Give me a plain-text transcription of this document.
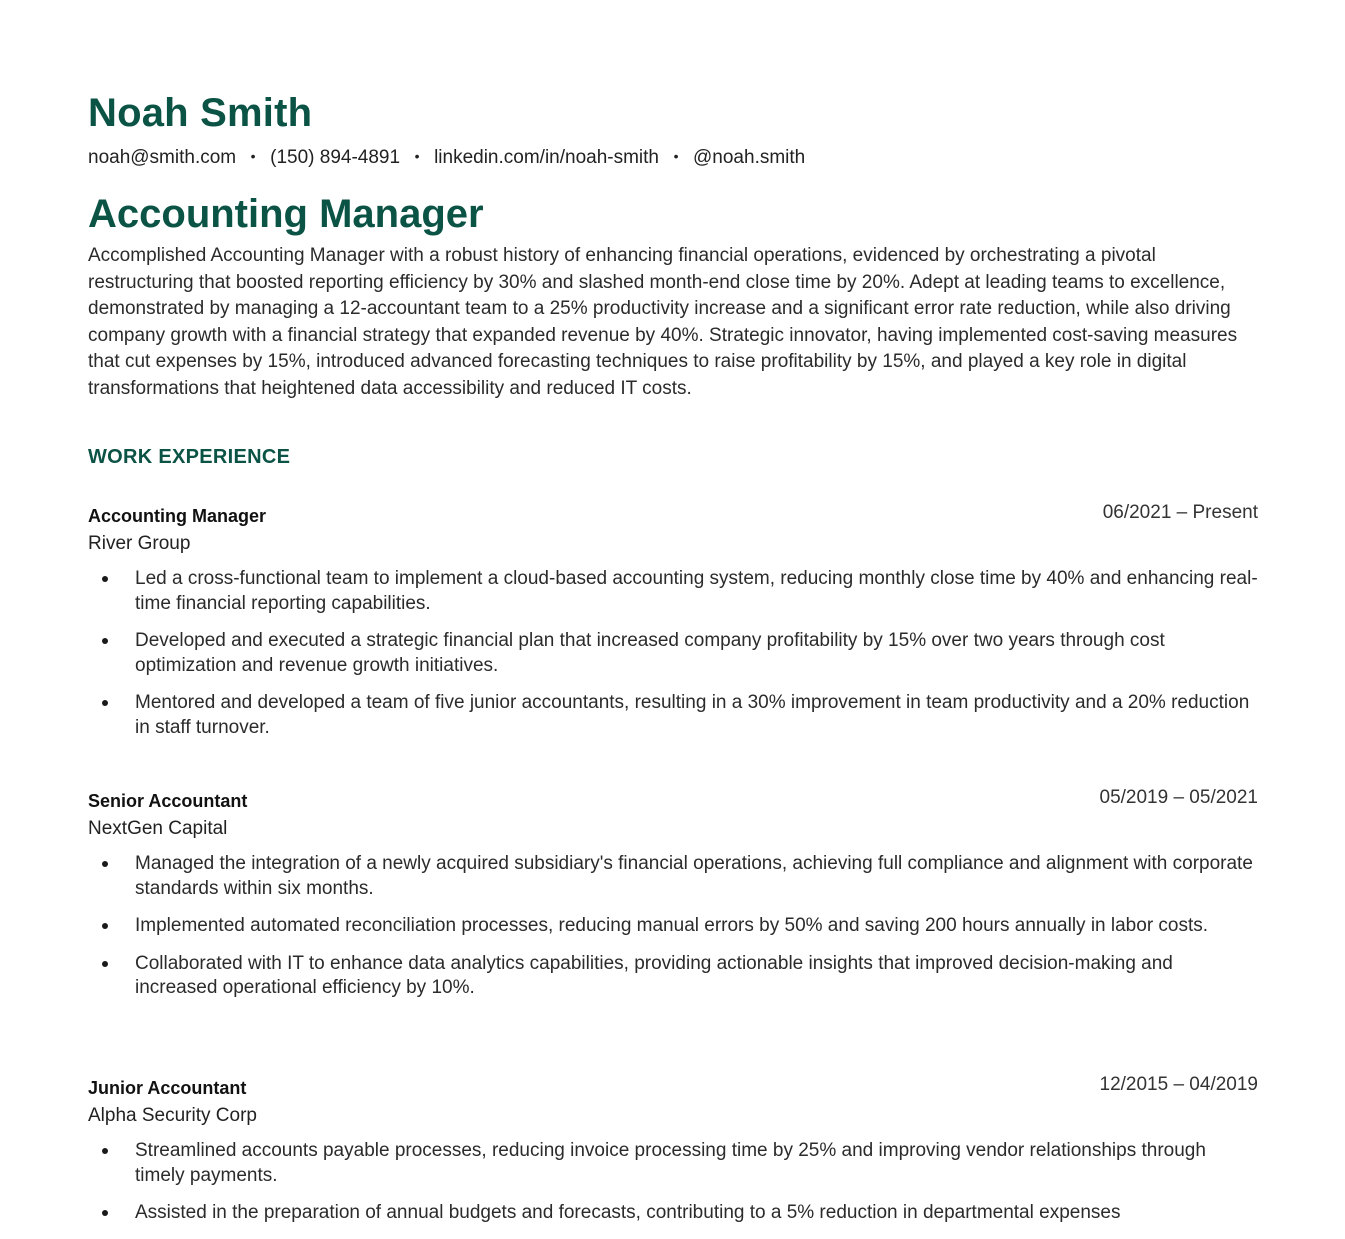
Noah Smith
noah@smith.com • (150) 894-4891 • linkedin.com/in/noah-smith • @noah.smith
Accounting Manager

Accomplished Accounting Manager with a robust history of enhancing financial operations, evidenced by orchestrating a pivotal restructuring that boosted reporting efficiency by 30% and slashed month-end close time by 20%. Adept at leading teams to excellence, demonstrated by managing a 12-accountant team to a 25% productivity increase and a significant error rate reduction, while also driving company growth with a financial strategy that expanded revenue by 40%. Strategic innovator, having implemented cost-saving measures that cut expenses by 15%, introduced advanced forecasting techniques to raise profitability by 15%, and played a key role in digital transformations that heightened data accessibility and reduced IT costs.

WORK EXPERIENCE
Accounting Manager	06/2021 – Present
River Group
Led a cross-functional team to implement a cloud-based accounting system, reducing monthly close time by 40% and enhancing real-time financial reporting capabilities.
Developed and executed a strategic financial plan that increased company profitability by 15% over two years through cost optimization and revenue growth initiatives.
Mentored and developed a team of five junior accountants, resulting in a 30% improvement in team productivity and a 20% reduction in staff turnover.
Senior Accountant	05/2019 – 05/2021
NextGen Capital
Managed the integration of a newly acquired subsidiary's financial operations, achieving full compliance and alignment with corporate standards within six months.
Implemented automated reconciliation processes, reducing manual errors by 50% and saving 200 hours annually in labor costs.
Collaborated with IT to enhance data analytics capabilities, providing actionable insights that improved decision-making and increased operational efficiency by 10%.
Junior Accountant	12/2015 – 04/2019
Alpha Security Corp
Streamlined accounts payable processes, reducing invoice processing time by 25% and improving vendor relationships through timely payments.
Assisted in the preparation of annual budgets and forecasts, contributing to a 5% reduction in departmental expenses
